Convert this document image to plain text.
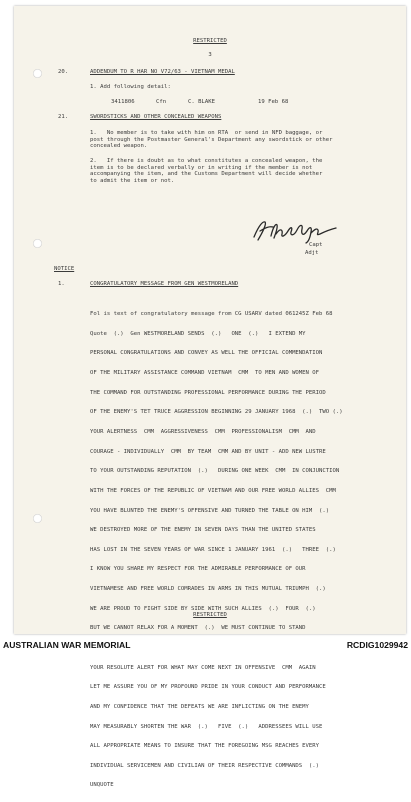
RESTRICTED
3
20.	ADDENDUM TO R HAR NO V72/63 - VIETNAM MEDAL
1. Add following detail:
3411806	Cfn	C. BLAKE	19 Feb 68
21.	SWORDSTICKS AND OTHER CONCEALED WEAPONS
1.   No member is to take with him on RTA  or send in NFD baggage, or
post through the Postmaster General's Department any swordstick or other
concealed weapon.
2.   If there is doubt as to what constitutes a concealed weapon, the
item is to be declared verbally or in writing if the member is not
accompanying the item, and the Customs Department will decide whether
to admit the item or not.
Capt
Adjt
NOTICE
1.	CONGRATULATORY MESSAGE FROM GEN WESTMORELAND

Fol is text of congratulatory message from CG USARV dated 061245Z Feb 68

Quote  (.)  Gen WESTMORELAND SENDS  (.)   ONE  (.)   I EXTEND MY

PERSONAL CONGRATULATIONS AND CONVEY AS WELL THE OFFICIAL COMMENDATION

OF THE MILITARY ASSISTANCE COMMAND VIETNAM  CMM  TO MEN AND WOMEN OF

THE COMMAND FOR OUTSTANDING PROFESSIONAL PERFORMANCE DURING THE PERIOD

OF THE ENEMY'S TET TRUCE AGGRESSION BEGINNING 29 JANUARY 1968  (.)  TWO (.)

YOUR ALERTNESS  CMM  AGGRESSIVENESS  CMM  PROFESSIONALISM  CMM  AND

COURAGE - INDIVIDUALLY  CMM  BY TEAM  CMM AND BY UNIT - ADD NEW LUSTRE

TO YOUR OUTSTANDING REPUTATION  (.)   DURING ONE WEEK  CMM  IN CONJUNCTION

WITH THE FORCES OF THE REPUBLIC OF VIETNAM AND OUR FREE WORLD ALLIES  CMM

YOU HAVE BLUNTED THE ENEMY'S OFFENSIVE AND TURNED THE TABLE ON HIM  (.)

WE DESTROYED MORE OF THE ENEMY IN SEVEN DAYS THAN THE UNITED STATES

HAS LOST IN THE SEVEN YEARS OF WAR SINCE 1 JANUARY 1961  (.)   THREE  (.)

I KNOW YOU SHARE MY RESPECT FOR THE ADMIRABLE PERFORMANCE OF OUR

VIETNAMESE AND FREE WORLD COMRADES IN ARMS IN THIS MUTUAL TRIUMPH  (.)

WE ARE PROUD TO FIGHT SIDE BY SIDE WITH SUCH ALLIES  (.)  FOUR  (.)

BUT WE CANNOT RELAX FOR A MOMENT  (.)  WE MUST CONTINUE TO STAND

YOUR RESOLUTE ALERT FOR WHAT MAY COME NEXT IN OFFENSIVE  CMM  AGAIN

LET ME ASSURE YOU OF MY PROFOUND PRIDE IN YOUR CONDUCT AND PERFORMANCE

AND MY CONFIDENCE THAT THE DEFEATS WE ARE INFLICTING ON THE ENEMY

MAY MEASURABLY SHORTEN THE WAR  (.)   FIVE  (.)   ADDRESSEES WILL USE

ALL APPROPRIATE MEANS TO INSURE THAT THE FOREGOING MSG REACHES EVERY

INDIVIDUAL SERVICEMEN AND CIVILIAN OF THEIR RESPECTIVE COMMANDS  (.)

UNQUOTE

RESTRICTED
AUSTRALIAN WAR MEMORIAL	RCDIG1029942
